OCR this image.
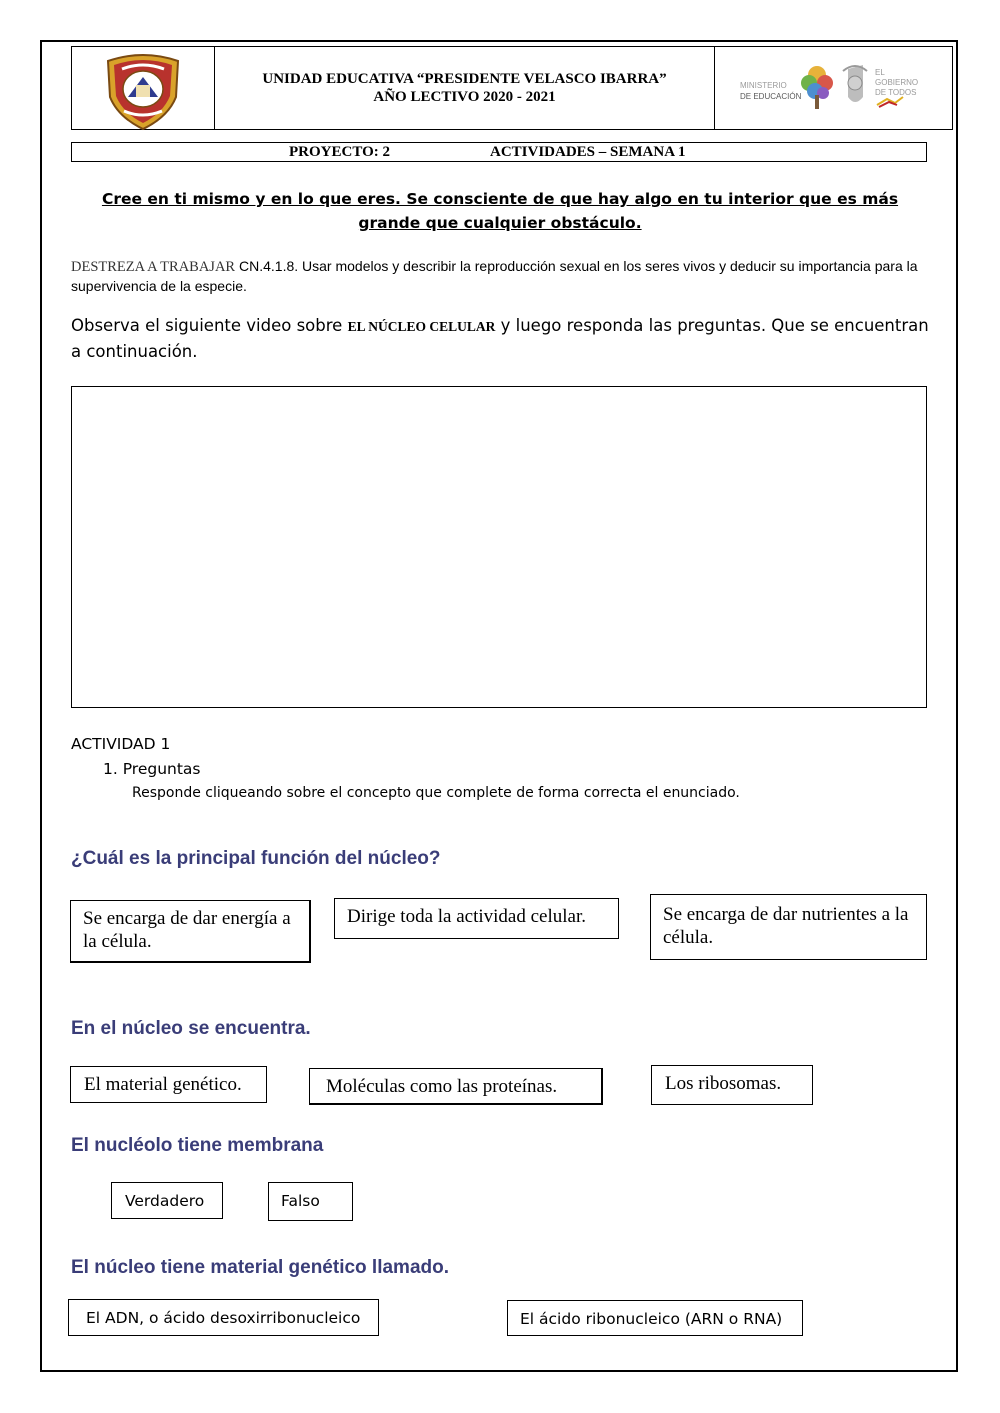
UNIDAD EDUCATIVA “PRESIDENTE VELASCO IBARRA”
AÑO LECTIVO 2020 - 2021
MINISTERIO
DE EDUCACIÓN
EL
GOBIERNO
DE TODOS
PROYECTO: 2	ACTIVIDADES – SEMANA 1
Cree en ti mismo y en lo que eres. Se consciente de que hay algo en tu interior que es más grande que cualquier obstáculo.
DESTREZA A TRABAJAR CN.4.1.8. Usar modelos y describir la reproducción sexual en los seres vivos y deducir su importancia para la supervivencia de la especie.
Observa el siguiente video sobre EL NÚCLEO CELULAR y luego responda las preguntas. Que se encuentran a continuación.
ACTIVIDAD 1
1. Preguntas
Responde cliqueando sobre el concepto que complete de forma correcta el enunciado.
¿Cuál es la principal función del núcleo?
Se encarga de dar energía a la célula.
Dirige toda la actividad celular.	Se encarga de dar nutrientes a la célula.
En el núcleo se encuentra.
El material genético.	Moléculas como las proteínas.	Los ribosomas.
El nucléolo tiene membrana
Verdadero	Falso
El núcleo tiene material genético llamado.
El ADN, o ácido desoxirribonucleico	El ácido ribonucleico (ARN o RNA)
